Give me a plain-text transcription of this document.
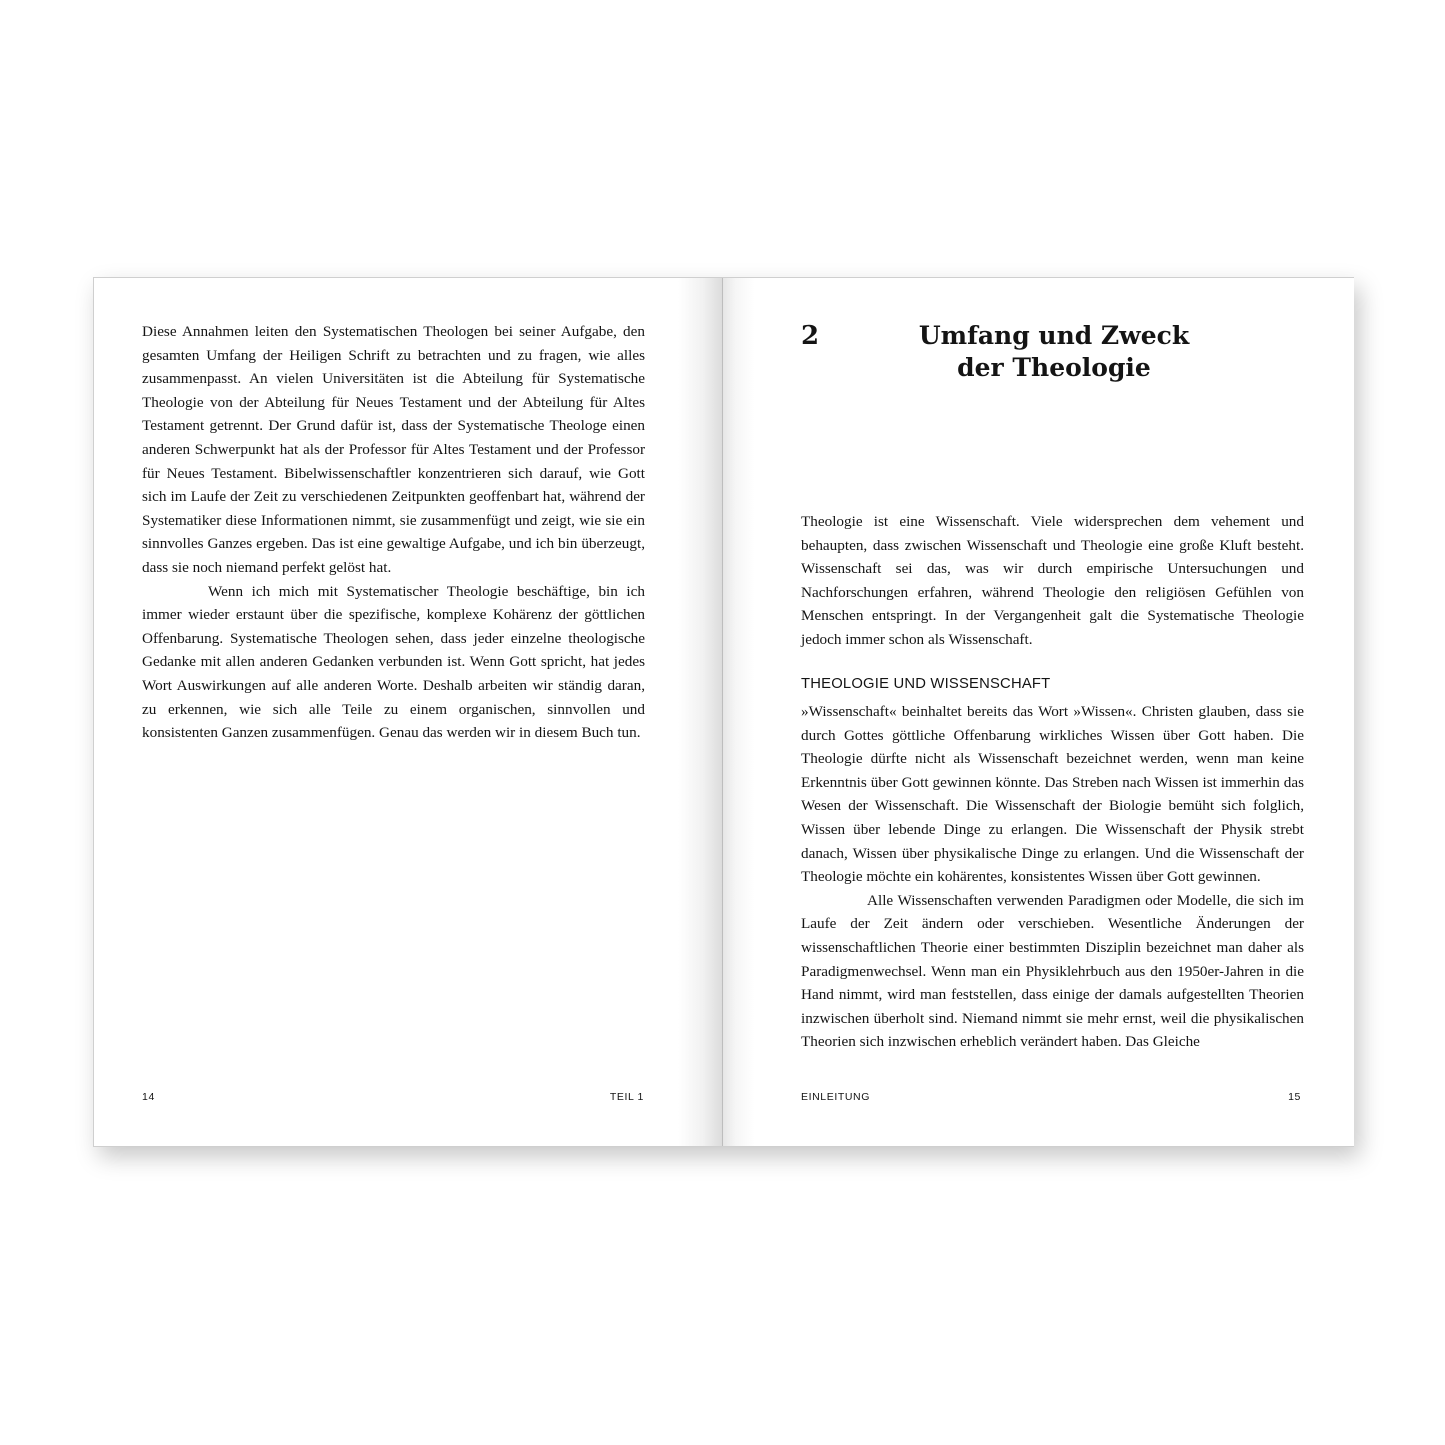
Diese Annahmen leiten den Systematischen Theologen bei seiner Aufgabe, den gesamten Umfang der Heiligen Schrift zu betrachten und zu fragen, wie alles zusammenpasst. An vielen Universitäten ist die Abteilung für Systematische Theologie von der Abteilung für Neues Testament und der Abteilung für Altes Testament getrennt. Der Grund dafür ist, dass der Systematische Theologe einen anderen Schwerpunkt hat als der Professor für Altes Testament und der Professor für Neues Testament. Bibelwissenschaftler konzentrieren sich darauf, wie Gott sich im Laufe der Zeit zu verschiedenen Zeitpunkten geoffenbart hat, während der Systematiker diese Informationen nimmt, sie zusammenfügt und zeigt, wie sie ein sinnvolles Ganzes ergeben. Das ist eine gewaltige Aufgabe, und ich bin überzeugt, dass sie noch niemand perfekt gelöst hat.

Wenn ich mich mit Systematischer Theologie beschäftige, bin ich immer wieder erstaunt über die spezifische, komplexe Kohärenz der göttlichen Offenbarung. Systematische Theologen sehen, dass jeder einzelne theologische Gedanke mit allen anderen Gedanken verbunden ist. Wenn Gott spricht, hat jedes Wort Auswirkungen auf alle anderen Worte. Deshalb arbeiten wir ständig daran, zu erkennen, wie sich alle Teile zu einem organischen, sinnvollen und konsistenten Ganzen zusammenfügen. Genau das werden wir in diesem Buch tun.

14	TEIL 1
2	Umfang und Zweck
der Theologie

Theologie ist eine Wissenschaft. Viele widersprechen dem vehement und behaupten, dass zwischen Wissenschaft und Theologie eine große Kluft besteht. Wissenschaft sei das, was wir durch empirische Untersuchungen und Nachforschungen erfahren, während Theologie den religiösen Gefühlen von Menschen entspringt. In der Vergangenheit galt die Systematische Theologie jedoch immer schon als Wissenschaft.

THEOLOGIE UND WISSENSCHAFT

»Wissenschaft« beinhaltet bereits das Wort »Wissen«. Christen glauben, dass sie durch Gottes göttliche Offenbarung wirkliches Wissen über Gott haben. Die Theologie dürfte nicht als Wissenschaft bezeichnet werden, wenn man keine Erkenntnis über Gott gewinnen könnte. Das Streben nach Wissen ist immerhin das Wesen der Wissenschaft. Die Wissenschaft der Biologie bemüht sich folglich, Wissen über lebende Dinge zu erlangen. Die Wissenschaft der Physik strebt danach, Wissen über physikalische Dinge zu erlangen. Und die Wissenschaft der Theologie möchte ein kohärentes, konsistentes Wissen über Gott gewinnen.

Alle Wissenschaften verwenden Paradigmen oder Modelle, die sich im Laufe der Zeit ändern oder verschieben. Wesentliche Änderungen der wissenschaftlichen Theorie einer bestimmten Disziplin bezeichnet man daher als Paradigmenwechsel. Wenn man ein Physiklehrbuch aus den 1950er-Jahren in die Hand nimmt, wird man feststellen, dass einige der damals aufgestellten Theorien inzwischen überholt sind. Niemand nimmt sie mehr ernst, weil die physikalischen Theorien sich inzwischen erheblich verändert haben. Das Gleiche

EINLEITUNG	15
